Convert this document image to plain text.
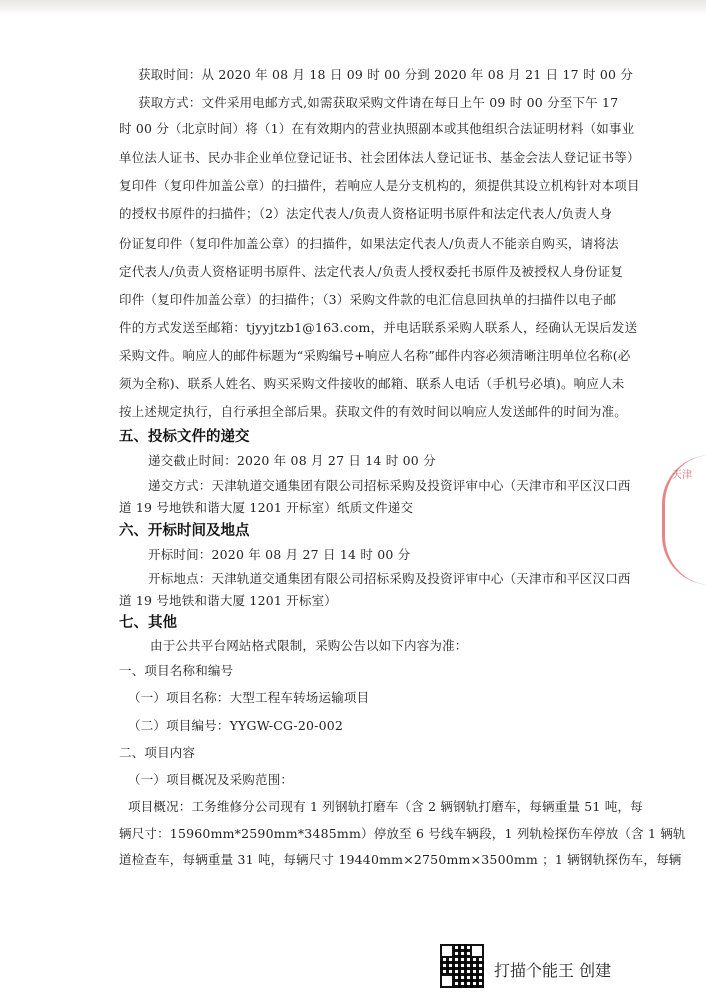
获取时间：从 2020 年 08 月 18 日 09 时 00 分到 2020 年 08 月 21 日 17 时 00 分
获取方式：文件采用电邮方式,如需获取采购文件请在每日上午 09 时 00 分至下午 17
时 00 分（北京时间）将（1）在有效期内的营业执照副本或其他组织合法证明材料（如事业
单位法人证书、民办非企业单位登记证书、社会团体法人登记证书、基金会法人登记证书等）
复印件（复印件加盖公章）的扫描件，若响应人是分支机构的，须提供其设立机构针对本项目
的授权书原件的扫描件；（2）法定代表人/负责人资格证明书原件和法定代表人/负责人身
份证复印件（复印件加盖公章）的扫描件，如果法定代表人/负责人不能亲自购买，请将法
定代表人/负责人资格证明书原件、法定代表人/负责人授权委托书原件及被授权人身份证复
印件（复印件加盖公章）的扫描件；（3）采购文件款的电汇信息回执单的扫描件以电子邮
件的方式发送至邮箱：tjyyjtzb1@163.com，并电话联系采购人联系人，经确认无误后发送
采购文件。响应人的邮件标题为“采购编号+响应人名称”邮件内容必须清晰注明单位名称(必
须为全称)、联系人姓名、购买采购文件接收的邮箱、联系人电话（手机号必填)。响应人未
按上述规定执行，自行承担全部后果。获取文件的有效时间以响应人发送邮件的时间为准。
五、投标文件的递交
递交截止时间：2020 年 08 月 27 日 14 时 00 分
递交方式：天津轨道交通集团有限公司招标采购及投资评审中心（天津市和平区汉口西
道 19 号地铁和谐大厦 1201 开标室）纸质文件递交
六、开标时间及地点
开标时间：2020 年 08 月 27 日 14 时 00 分
开标地点：天津轨道交通集团有限公司招标采购及投资评审中心（天津市和平区汉口西
道 19 号地铁和谐大厦 1201 开标室）
七、其他
由于公共平台网站格式限制，采购公告以如下内容为准：
一、项目名称和编号
（一）项目名称：大型工程车转场运输项目
（二）项目编号：YYGW-CG-20-002
二、项目内容
（一）项目概况及采购范围：
项目概况：工务维修分公司现有 1 列钢轨打磨车（含 2 辆钢轨打磨车，每辆重量 51 吨，每
辆尺寸：15960mm*2590mm*3485mm）停放至 6 号线车辆段，1 列轨检探伤车停放（含 1 辆轨
道检查车，每辆重量 31 吨，每辆尺寸 19440mm×2750mm×3500mm ；1 辆钢轨探伤车，每辆
天津
打描个能王 创建
